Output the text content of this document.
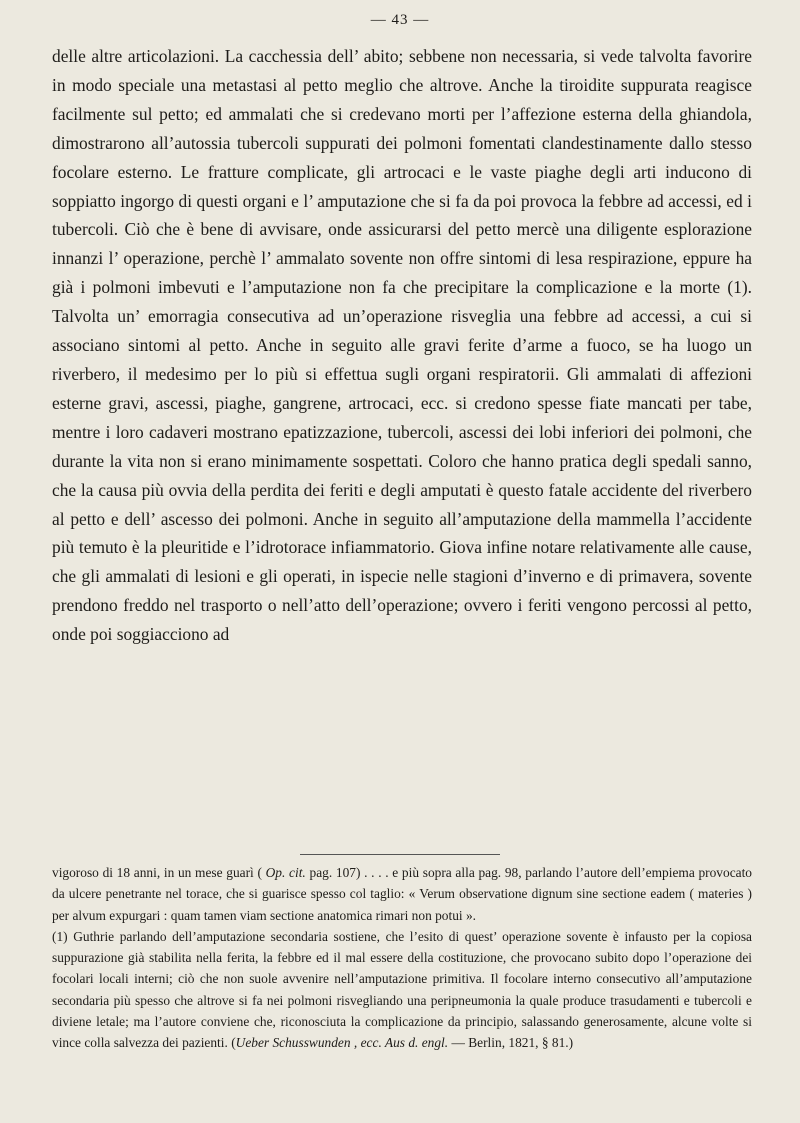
— 43 —

delle altre articolazioni. La cacchessia dell’ abito; sebbene non necessaria, si vede talvolta favorire in modo speciale una metastasi al petto meglio che altrove. Anche la tiroidite suppurata reagisce facilmente sul petto; ed ammalati che si credevano morti per l’affezione esterna della ghiandola, dimostrarono all’autossia tubercoli suppurati dei polmoni fomentati clandestinamente dallo stesso focolare esterno. Le fratture complicate, gli artrocaci e le vaste piaghe degli arti inducono di soppiatto ingorgo di questi organi e l’ amputazione che si fa da poi provoca la febbre ad accessi, ed i tubercoli. Ciò che è bene di avvisare, onde assicurarsi del petto mercè una diligente esplorazione innanzi l’ operazione, perchè l’ ammalato sovente non offre sintomi di lesa respirazione, eppure ha già i polmoni imbevuti e l’amputazione non fa che precipitare la complicazione e la morte (1). Talvolta un’ emorragia consecutiva ad un’operazione risveglia una febbre ad accessi, a cui si associano sintomi al petto. Anche in seguito alle gravi ferite d’arme a fuoco, se ha luogo un riverbero, il medesimo per lo più si effettua sugli organi respiratorii. Gli ammalati di affezioni esterne gravi, ascessi, piaghe, gangrene, artrocaci, ecc. si credono spesse fiate mancati per tabe, mentre i loro cadaveri mostrano epatizzazione, tubercoli, ascessi dei lobi inferiori dei polmoni, che durante la vita non si erano minimamente sospettati. Coloro che hanno pratica degli spedali sanno, che la causa più ovvia della perdita dei feriti e degli amputati è questo fatale accidente del riverbero al petto e dell’ ascesso dei polmoni. Anche in seguito all’amputazione della mammella l’accidente più temuto è la pleuritide e l’idrotorace infiammatorio. Giova infine notare relativamente alle cause, che gli ammalati di lesioni e gli operati, in ispecie nelle stagioni d’inverno e di primavera, sovente prendono freddo nel trasporto o nell’atto dell’operazione; ovvero i feriti vengono percossi al petto, onde poi soggiacciono ad

vigoroso di 18 anni, in un mese guarì ( Op. cit. pag. 107) . . . . e più sopra alla pag. 98, parlando l’autore dell’empiema provocato da ulcere penetrante nel torace, che si guarisce spesso col taglio: « Verum observatione dignum sine sectione eadem ( materies ) per alvum expurgari : quam tamen viam sectione anatomica rimari non potui ».

(1) Guthrie parlando dell’amputazione secondaria sostiene, che l’esito di quest’ operazione sovente è infausto per la copiosa suppurazione già stabilita nella ferita, la febbre ed il mal essere della costituzione, che provocano subito dopo l’operazione dei focolari locali interni; ciò che non suole avvenire nell’amputazione primitiva. Il focolare interno consecutivo all’amputazione secondaria più spesso che altrove si fa nei polmoni risvegliando una peripneumonia la quale produce trasudamenti e tubercoli e diviene letale; ma l’autore conviene che, riconosciuta la complicazione da principio, salassando generosamente, alcune volte si vince colla salvezza dei pazienti. (Ueber Schusswunden , ecc. Aus d. engl. — Berlin, 1821, § 81.)
